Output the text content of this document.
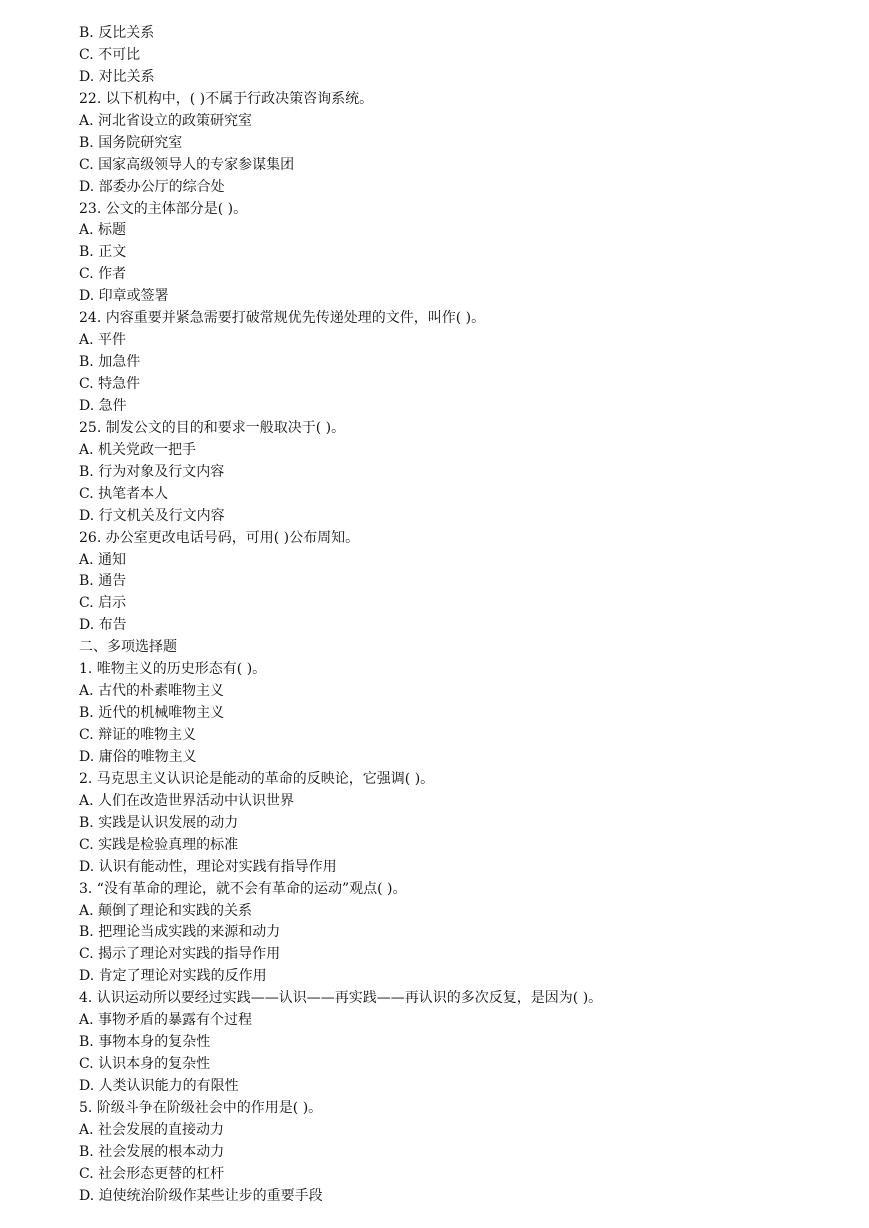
B. 反比关系
C. 不可比
D. 对比关系
22. 以下机构中，( )不属于行政决策咨询系统。
A. 河北省设立的政策研究室
B. 国务院研究室
C. 国家高级领导人的专家参谋集团
D. 部委办公厅的综合处
23. 公文的主体部分是( )。
A. 标题
B. 正文
C. 作者
D. 印章或签署
24. 内容重要并紧急需要打破常规优先传递处理的文件，叫作( )。
A. 平件
B. 加急件
C. 特急件
D. 急件
25. 制发公文的目的和要求一般取决于( )。
A. 机关党政一把手
B. 行为对象及行文内容
C. 执笔者本人
D. 行文机关及行文内容
26. 办公室更改电话号码，可用( )公布周知。
A. 通知
B. 通告
C. 启示
D. 布告
二、多项选择题
1. 唯物主义的历史形态有( )。
A. 古代的朴素唯物主义
B. 近代的机械唯物主义
C. 辩证的唯物主义
D. 庸俗的唯物主义
2. 马克思主义认识论是能动的革命的反映论，它强调( )。
A. 人们在改造世界活动中认识世界
B. 实践是认识发展的动力
C. 实践是检验真理的标准
D. 认识有能动性，理论对实践有指导作用
3. “没有革命的理论，就不会有革命的运动”观点( )。
A. 颠倒了理论和实践的关系
B. 把理论当成实践的来源和动力
C. 揭示了理论对实践的指导作用
D. 肯定了理论对实践的反作用
4. 认识运动所以要经过实践——认识——再实践——再认识的多次反复，是因为( )。
A. 事物矛盾的暴露有个过程
B. 事物本身的复杂性
C. 认识本身的复杂性
D. 人类认识能力的有限性
5. 阶级斗争在阶级社会中的作用是( )。
A. 社会发展的直接动力
B. 社会发展的根本动力
C. 社会形态更替的杠杆
D. 迫使统治阶级作某些让步的重要手段
